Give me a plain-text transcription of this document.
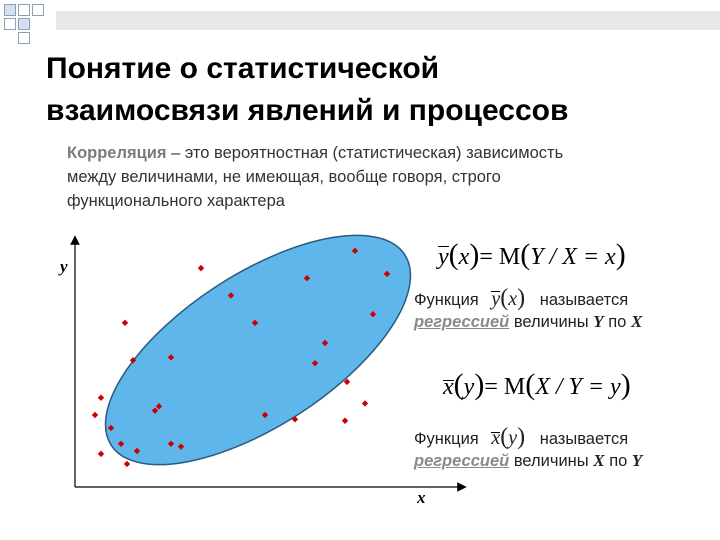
Понятие о статистической
взаимосвязи явлений и процессов
Корреляция – это вероятностная (статистическая) зависимость
между величинами, не имеющая, вообще говоря, строго
функционального характера
y
x
y
(x)= M(Y / X = x)
Функция y
(x) называется
регрессией величины Y по X
x
(y)= M(X / Y = y)
Функция x
(y) называется
регрессией величины X по Y
